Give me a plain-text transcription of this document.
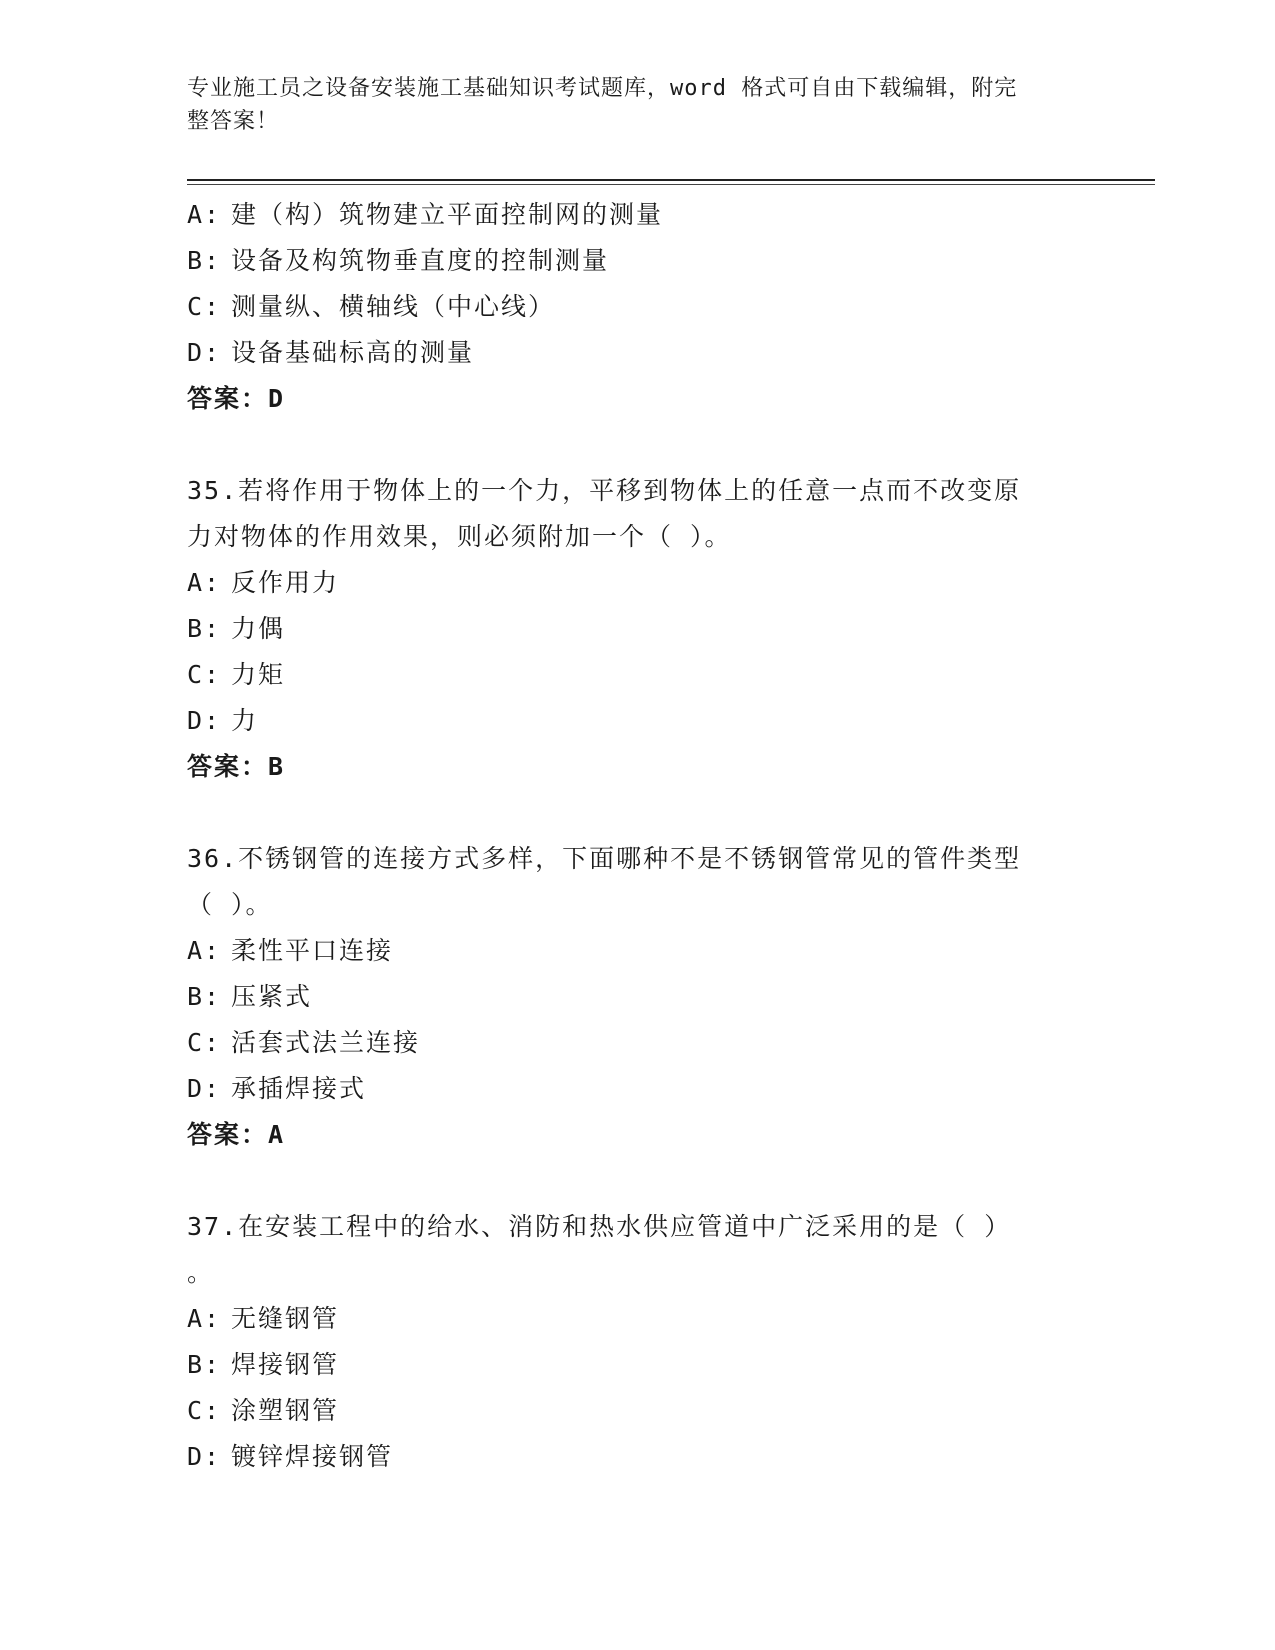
专业施工员之设备安装施工基础知识考试题库，word 格式可自由下载编辑，附完
整答案！
A: 建（构）筑物建立平面控制网的测量
B: 设备及构筑物垂直度的控制测量
C: 测量纵、横轴线（中心线）
D: 设备基础标高的测量
答案：D
35.若将作用于物体上的一个力，平移到物体上的任意一点而不改变原
力对物体的作用效果，则必须附加一个（ ）。
A: 反作用力
B: 力偶
C: 力矩
D: 力
答案：B
36.不锈钢管的连接方式多样，下面哪种不是不锈钢管常见的管件类型
（ ）。
A: 柔性平口连接
B: 压紧式
C: 活套式法兰连接
D: 承插焊接式
答案：A
37.在安装工程中的给水、消防和热水供应管道中广泛采用的是（ ）
。
A: 无缝钢管
B: 焊接钢管
C: 涂塑钢管
D: 镀锌焊接钢管
